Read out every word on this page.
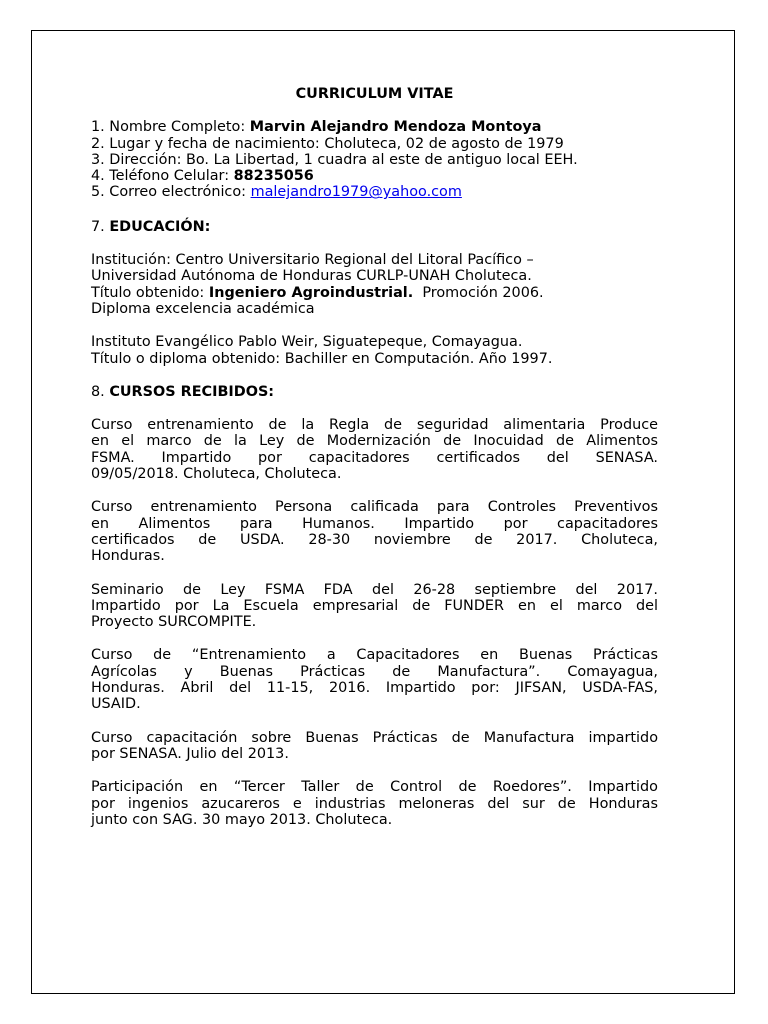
CURRICULUM VITAE
1. Nombre Completo: Marvin Alejandro Mendoza Montoya
2. Lugar y fecha de nacimiento: Choluteca, 02 de agosto de 1979
3. Dirección: Bo. La Libertad, 1 cuadra al este de antiguo local EEH.
4. Teléfono Celular: 88235056
5. Correo electrónico: malejandro1979@yahoo.com
7. EDUCACIÓN:
Institución: Centro Universitario Regional del Litoral Pacífico –
Universidad Autónoma de Honduras CURLP-UNAH Choluteca.
Título obtenido: Ingeniero Agroindustrial.  Promoción 2006.
Diploma excelencia académica
Instituto Evangélico Pablo Weir, Siguatepeque, Comayagua.
Título o diploma obtenido: Bachiller en Computación. Año 1997.
8. CURSOS RECIBIDOS:
Curso entrenamiento de la Regla de seguridad alimentaria Produce
en el marco de la Ley de Modernización de Inocuidad de Alimentos
FSMA. Impartido por capacitadores certificados del SENASA.
09/05/2018. Choluteca, Choluteca.
Curso entrenamiento Persona calificada para Controles Preventivos
en Alimentos para Humanos. Impartido por capacitadores
certificados de USDA. 28-30 noviembre de 2017. Choluteca,
Honduras.
Seminario de Ley FSMA FDA del 26-28 septiembre del 2017.
Impartido por La Escuela empresarial de FUNDER en el marco del
Proyecto SURCOMPITE.
Curso de “Entrenamiento a Capacitadores en Buenas Prácticas
Agrícolas y Buenas Prácticas de Manufactura”. Comayagua,
Honduras. Abril del 11-15, 2016. Impartido por: JIFSAN, USDA-FAS,
USAID.
Curso capacitación sobre Buenas Prácticas de Manufactura impartido
por SENASA. Julio del 2013.
Participación en “Tercer Taller de Control de Roedores”. Impartido
por ingenios azucareros e industrias meloneras del sur de Honduras
junto con SAG. 30 mayo 2013. Choluteca.
